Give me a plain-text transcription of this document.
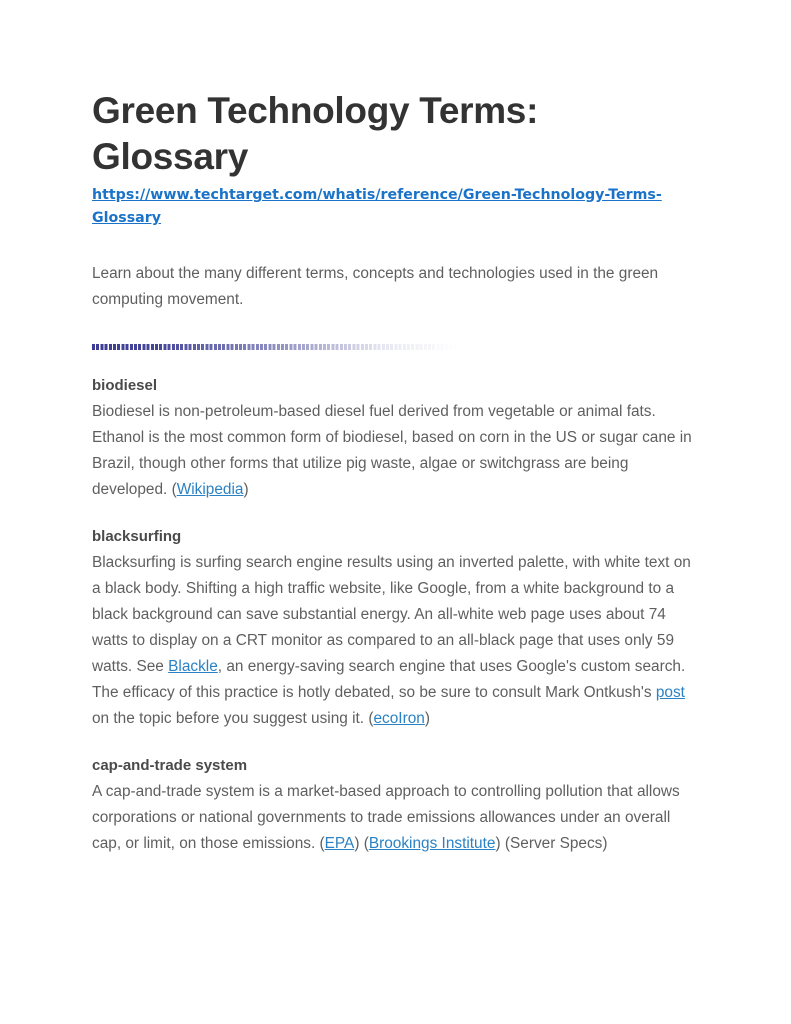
Green Technology Terms: Glossary
https://www.techtarget.com/whatis/reference/Green-Technology-Terms-Glossary

Learn about the many different terms, concepts and technologies used in the green computing movement.

biodiesel

Biodiesel is non-petroleum-based diesel fuel derived from vegetable or animal fats. Ethanol is the most common form of biodiesel, based on corn in the US or sugar cane in Brazil, though other forms that utilize pig waste, algae or switchgrass are being developed. (Wikipedia)

blacksurfing

Blacksurfing is surfing search engine results using an inverted palette, with white text on a black body. Shifting a high traffic website, like Google, from a white background to a black background can save substantial energy. An all-white web page uses about 74 watts to display on a CRT monitor as compared to an all-black page that uses only 59 watts. See Blackle, an energy-saving search engine that uses Google's custom search. The efficacy of this practice is hotly debated, so be sure to consult Mark Ontkush's post on the topic before you suggest using it. (ecoIron)

cap-and-trade system

A cap-and-trade system is a market-based approach to controlling pollution that allows corporations or national governments to trade emissions allowances under an overall cap, or limit, on those emissions. (EPA) (Brookings Institute) (Server Specs)
